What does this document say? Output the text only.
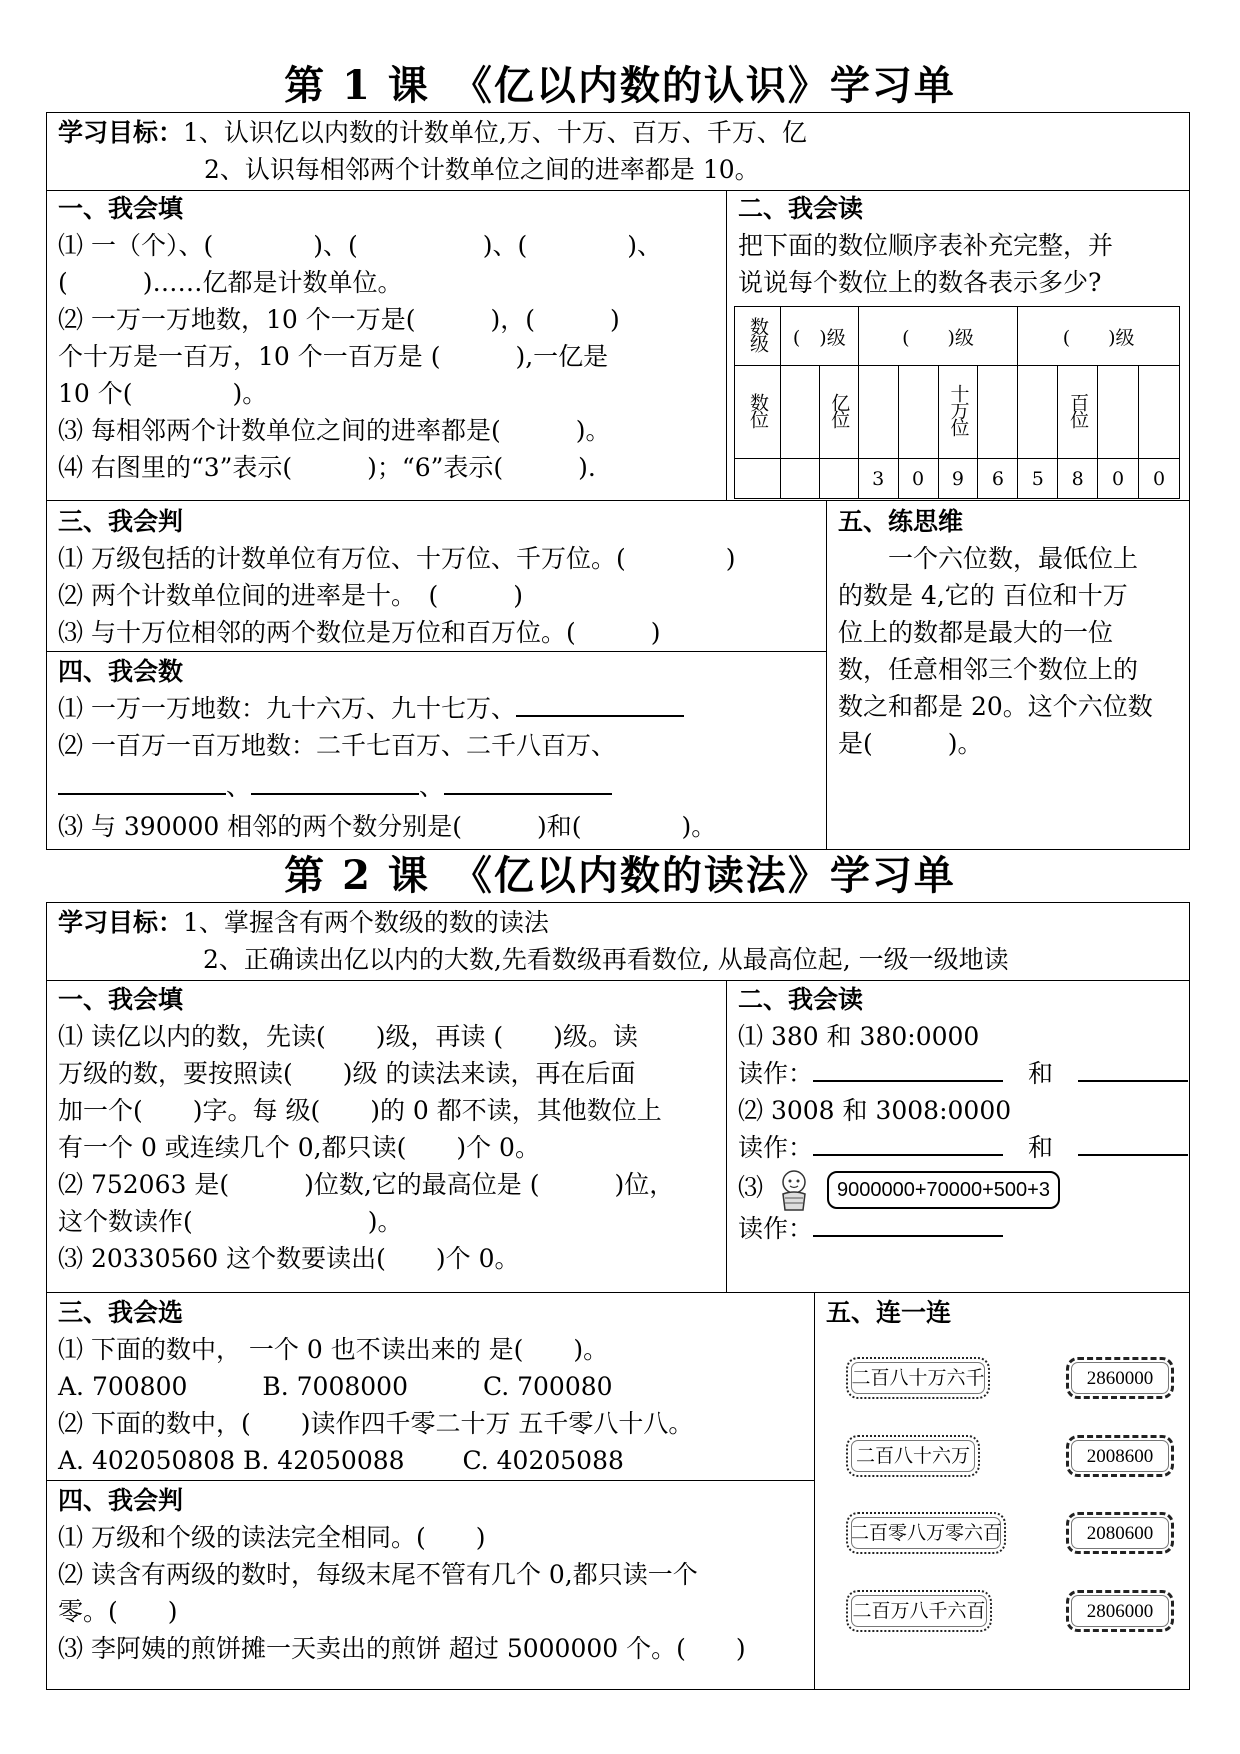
第 1 课　《亿以内数的认识》学习单

学习目标：1、认识亿以内数的计数单位,万、十万、百万、千万、亿

2、认识每相邻两个计数单位之间的进率都是 10。

一、我会填

⑴ 一（个）、(　　　　)、(　　　　　)、(　　　　)、

(　　　)……亿都是计数单位。

⑵ 一万一万地数，10 个一万是(　　　)，(　　　)

个十万是一百万，10 个一百万是 (　　　),一亿是

10 个(　　　　)。

⑶ 每相邻两个计数单位之间的进率都是(　　　)。

⑷ 右图里的“3”表示(　　　)；“6”表示(　　　).

二、我会读

把下面的数位顺序表补充完整，并

说说每个数位上的数各表示多少?

数级	(　)级		(　　)级				(　　)级			
数位		亿位			十万位			百位		
			3	0	9	6	5	8	0	0

三、我会判

⑴ 万级包括的计数单位有万位、十万位、千万位。(　　　　)

⑵ 两个计数单位间的进率是十。　(　　　)

⑶ 与十万位相邻的两个数位是万位和百万位。(　　　)

四、我会数

⑴ 一万一万地数：九十六万、九十七万、

⑵ 一百万一百万地数：二千七百万、二千八百万、

、	、

⑶ 与 390000 相邻的两个数分别是(　　　)和(　　　　)。

五、练思维

　　一个六位数，最低位上

的数是 4,它的 百位和十万

位上的数都是最大的一位

数，任意相邻三个数位上的

数之和都是 20。这个六位数

是(　　　)。

第 2 课　《亿以内数的读法》学习单

学习目标：1、掌握含有两个数级的数的读法

2、正确读出亿以内的大数,先看数级再看数位, 从最高位起, 一级一级地读

一、我会填

⑴ 读亿以内的数，先读(　　)级，再读 (　　)级。读

万级的数，要按照读(　　)级 的读法来读，再在后面

加一个(　　)字。每 级(　　)的 0 都不读，其他数位上

有一个 0 或连续几个 0,都只读(　　)个 0。

⑵ 752063 是(　　　)位数,它的最高位是 (　　　)位，

这个数读作(　　　　　　　)。

⑶ 20330560 这个数要读出(　　)个 0。

二、我会读

⑴ 380 和 380:0000

读作：　	和　

⑵ 3008 和 3008:0000

读作：　	和　

⑶	9000000+70000+500+3

读作：

三、我会选

⑴ 下面的数中， 一个 0 也不读出来的 是(　　)。

A. 700800　　　B. 7008000　　　C. 700080

⑵ 下面的数中，(　　)读作四千零二十万 五千零八十八。

A. 402050808 B. 42050088　　 C. 40205088

四、我会判

⑴ 万级和个级的读法完全相同。(　　)

⑵ 读含有两级的数时，每级末尾不管有几个 0,都只读一个

零。(　　)

⑶ 李阿姨的煎饼摊一天卖出的煎饼 超过 5000000 个。(　　)

五、连一连

二百八十万六千
二百八十六万
二百零八万零六百
二百万八千六百
2860000
2008600
2080600
2806000
